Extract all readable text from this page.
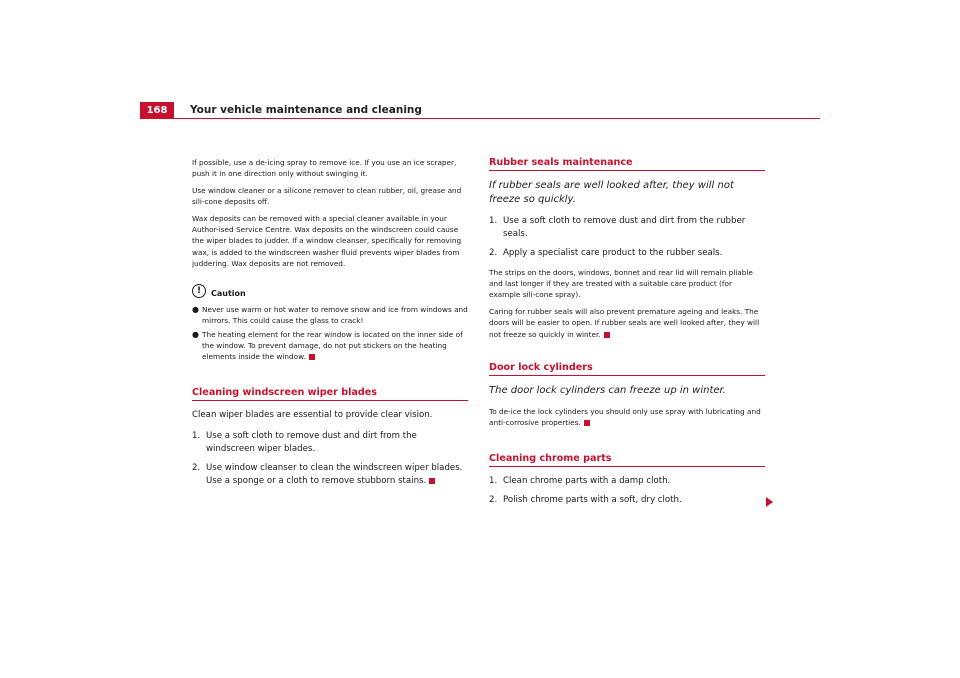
168	Your vehicle maintenance and cleaning

If possible, use a de-icing spray to remove ice. If you use an ice scraper, push it in one direction only without swinging it.

Use window cleaner or a silicone remover to clean rubber, oil, grease and sili-cone deposits off.

Wax deposits can be removed with a special cleaner available in your Author-ised Service Centre. Wax deposits on the windscreen could cause the wiper blades to judder. If a window cleanser, specifically for removing wax, is added to the windscreen washer fluid prevents wiper blades from juddering. Wax deposits are not removed.

!	Caution
● Never use warm or hot water to remove snow and ice from windows and mirrors. This could cause the glass to crack!
● The heating element for the rear window is located on the inner side of the window. To prevent damage, do not put stickers on the heating elements inside the window.
Cleaning windscreen wiper blades

Clean wiper blades are essential to provide clear vision.

1. Use a soft cloth to remove dust and dirt from the windscreen wiper blades.
2. Use window cleanser to clean the windscreen wiper blades. Use a sponge or a cloth to remove stubborn stains.
Rubber seals maintenance

If rubber seals are well looked after, they will not freeze so quickly.

1. Use a soft cloth to remove dust and dirt from the rubber seals.
2. Apply a specialist care product to the rubber seals.

The strips on the doors, windows, bonnet and rear lid will remain pliable and last longer if they are treated with a suitable care product (for example sili-cone spray).

Caring for rubber seals will also prevent premature ageing and leaks. The doors will be easier to open. If rubber seals are well looked after, they will not freeze so quickly in winter.

Door lock cylinders

The door lock cylinders can freeze up in winter.

To de-ice the lock cylinders you should only use spray with lubricating and anti-corrosive properties.

Cleaning chrome parts
1. Clean chrome parts with a damp cloth.
2. Polish chrome parts with a soft, dry cloth.
